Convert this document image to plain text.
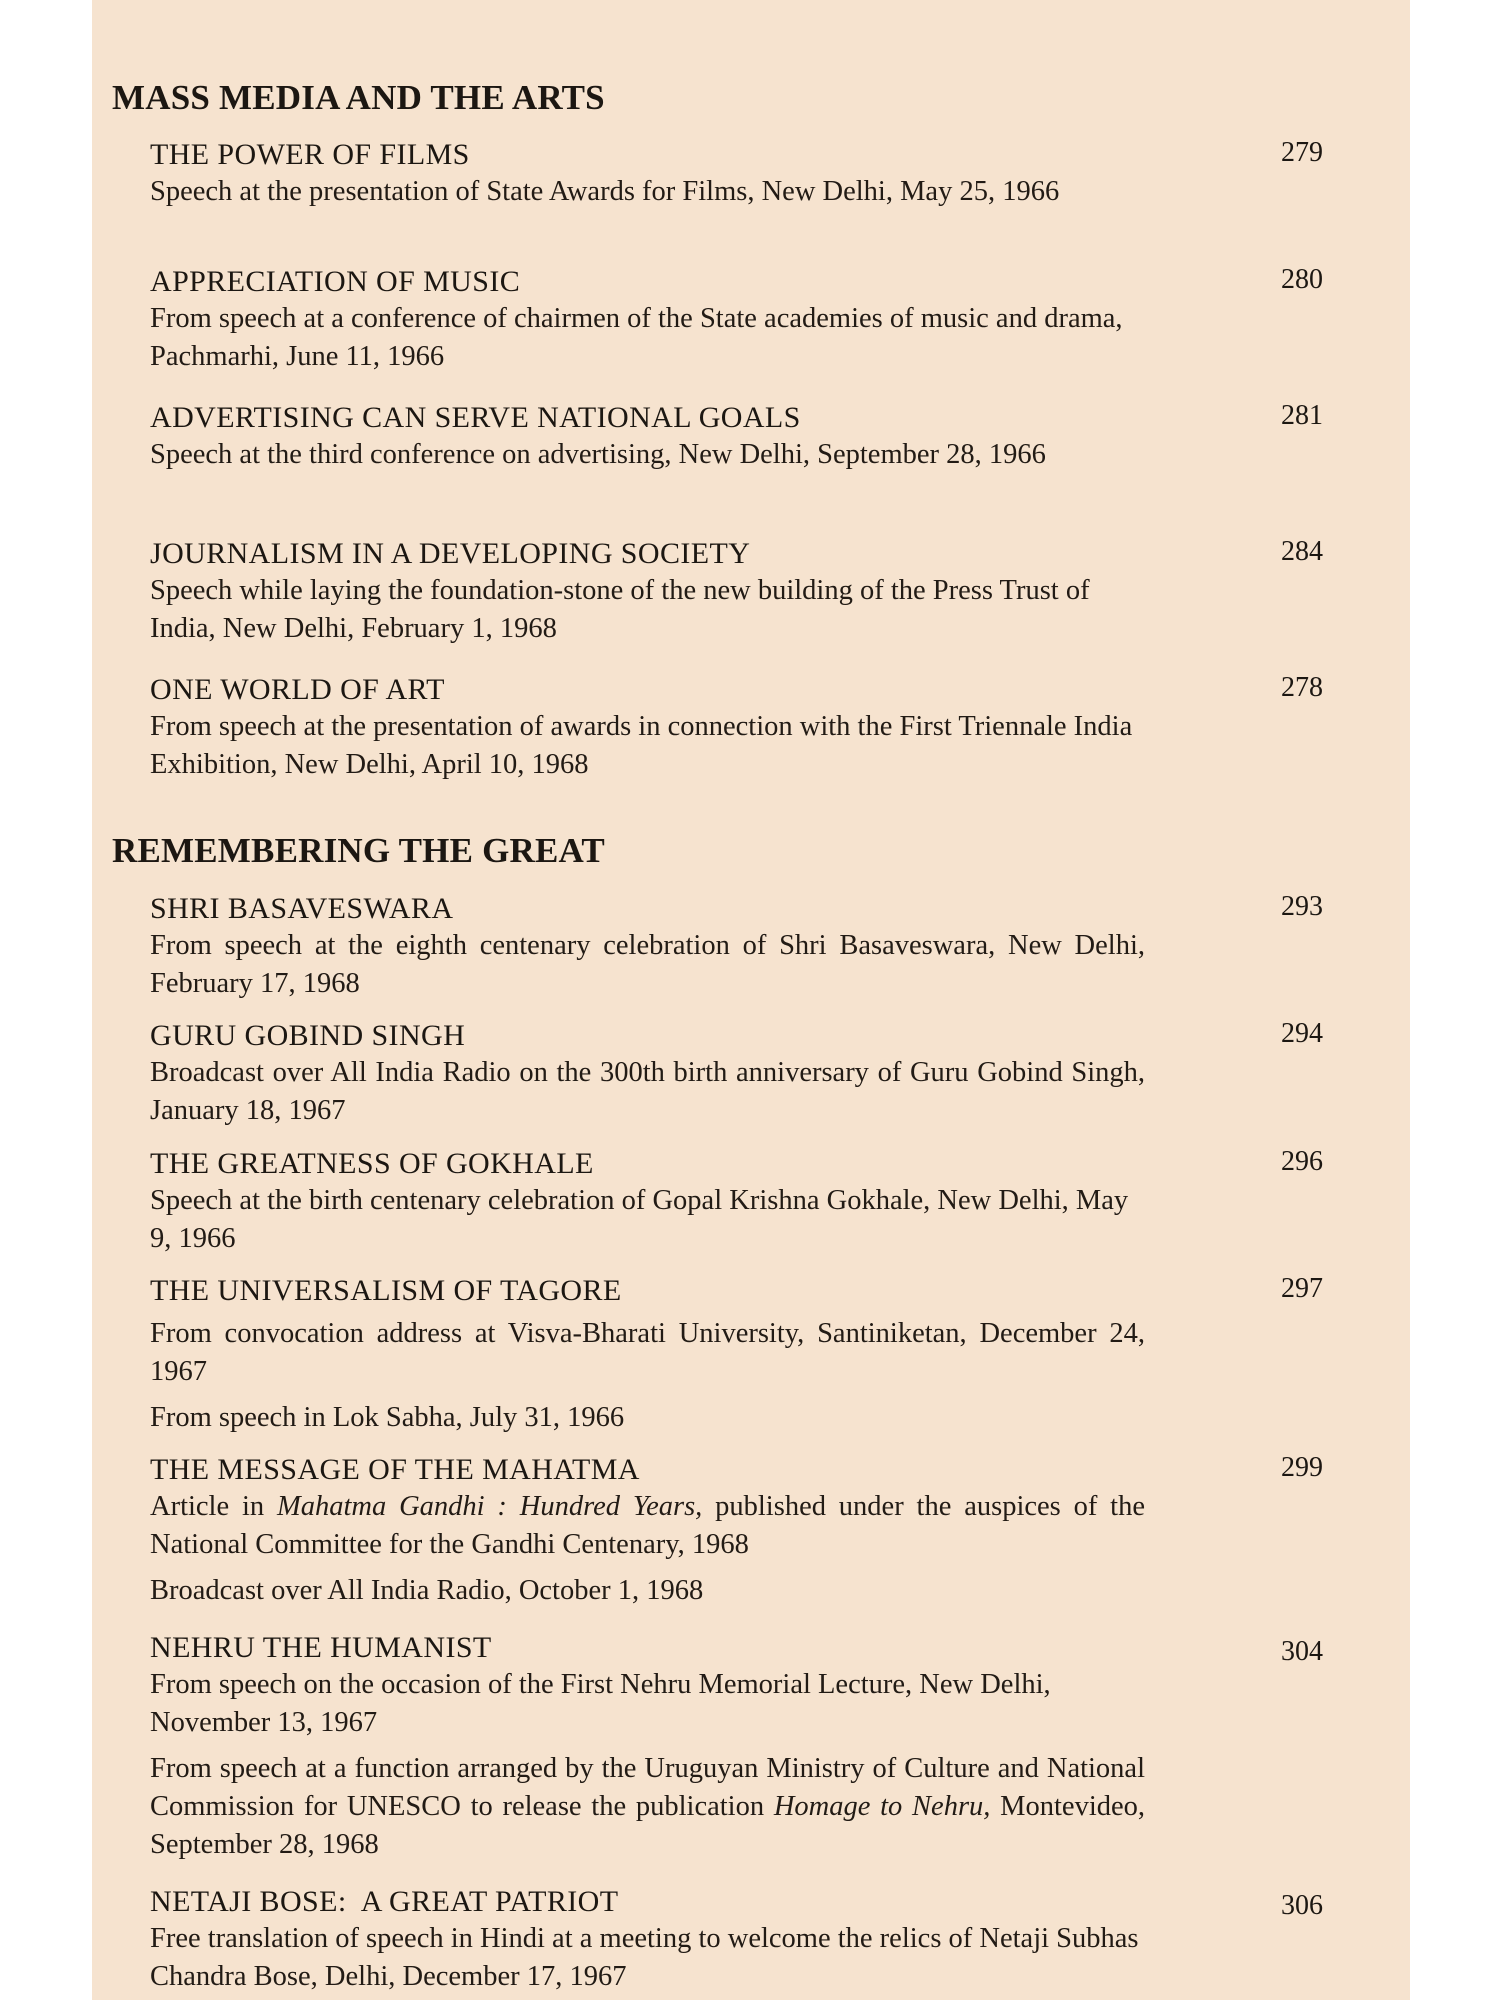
MASS MEDIA AND THE ARTS
THE POWER OF FILMS
Speech at the presentation of State Awards for Films, New Delhi, May 25, 1966
279
APPRECIATION OF MUSIC
From speech at a conference of chairmen of the State academies of music and drama, Pachmarhi, June 11, 1966
280
ADVERTISING CAN SERVE NATIONAL GOALS
Speech at the third conference on advertising, New Delhi, September 28, 1966
281
JOURNALISM IN A DEVELOPING SOCIETY
Speech while laying the foundation-stone of the new building of the Press Trust of India, New Delhi, February 1, 1968
284
ONE WORLD OF ART
From speech at the presentation of awards in connection with the First Triennale India Exhibition, New Delhi, April 10, 1968
278
REMEMBERING THE GREAT
SHRI BASAVESWARA
From speech at the eighth centenary celebration of Shri Basaveswara, New Delhi, February 17, 1968
293
GURU GOBIND SINGH
Broadcast over All India Radio on the 300th birth anniversary of Guru Gobind Singh, January 18, 1967
294
THE GREATNESS OF GOKHALE
Speech at the birth centenary celebration of Gopal Krishna Gokhale, New Delhi, May 9, 1966
296
THE UNIVERSALISM OF TAGORE
From convocation address at Visva-Bharati University, Santiniketan, December 24, 1967
From speech in Lok Sabha, July 31, 1966
297
THE MESSAGE OF THE MAHATMA
Article in Mahatma Gandhi : Hundred Years, published under the auspices of the National Committee for the Gandhi Centenary, 1968
Broadcast over All India Radio, October 1, 1968
299
NEHRU THE HUMANIST
From speech on the occasion of the First Nehru Memorial Lecture, New Delhi, November 13, 1967
From speech at a function arranged by the Uruguyan Ministry of Culture and National Commission for UNESCO to release the publication Homage to Nehru, Montevideo, September 28, 1968
304
NETAJI BOSE:  A GREAT PATRIOT
Free translation of speech in Hindi at a meeting to welcome the relics of Netaji Subhas Chandra Bose, Delhi, December 17, 1967
306
